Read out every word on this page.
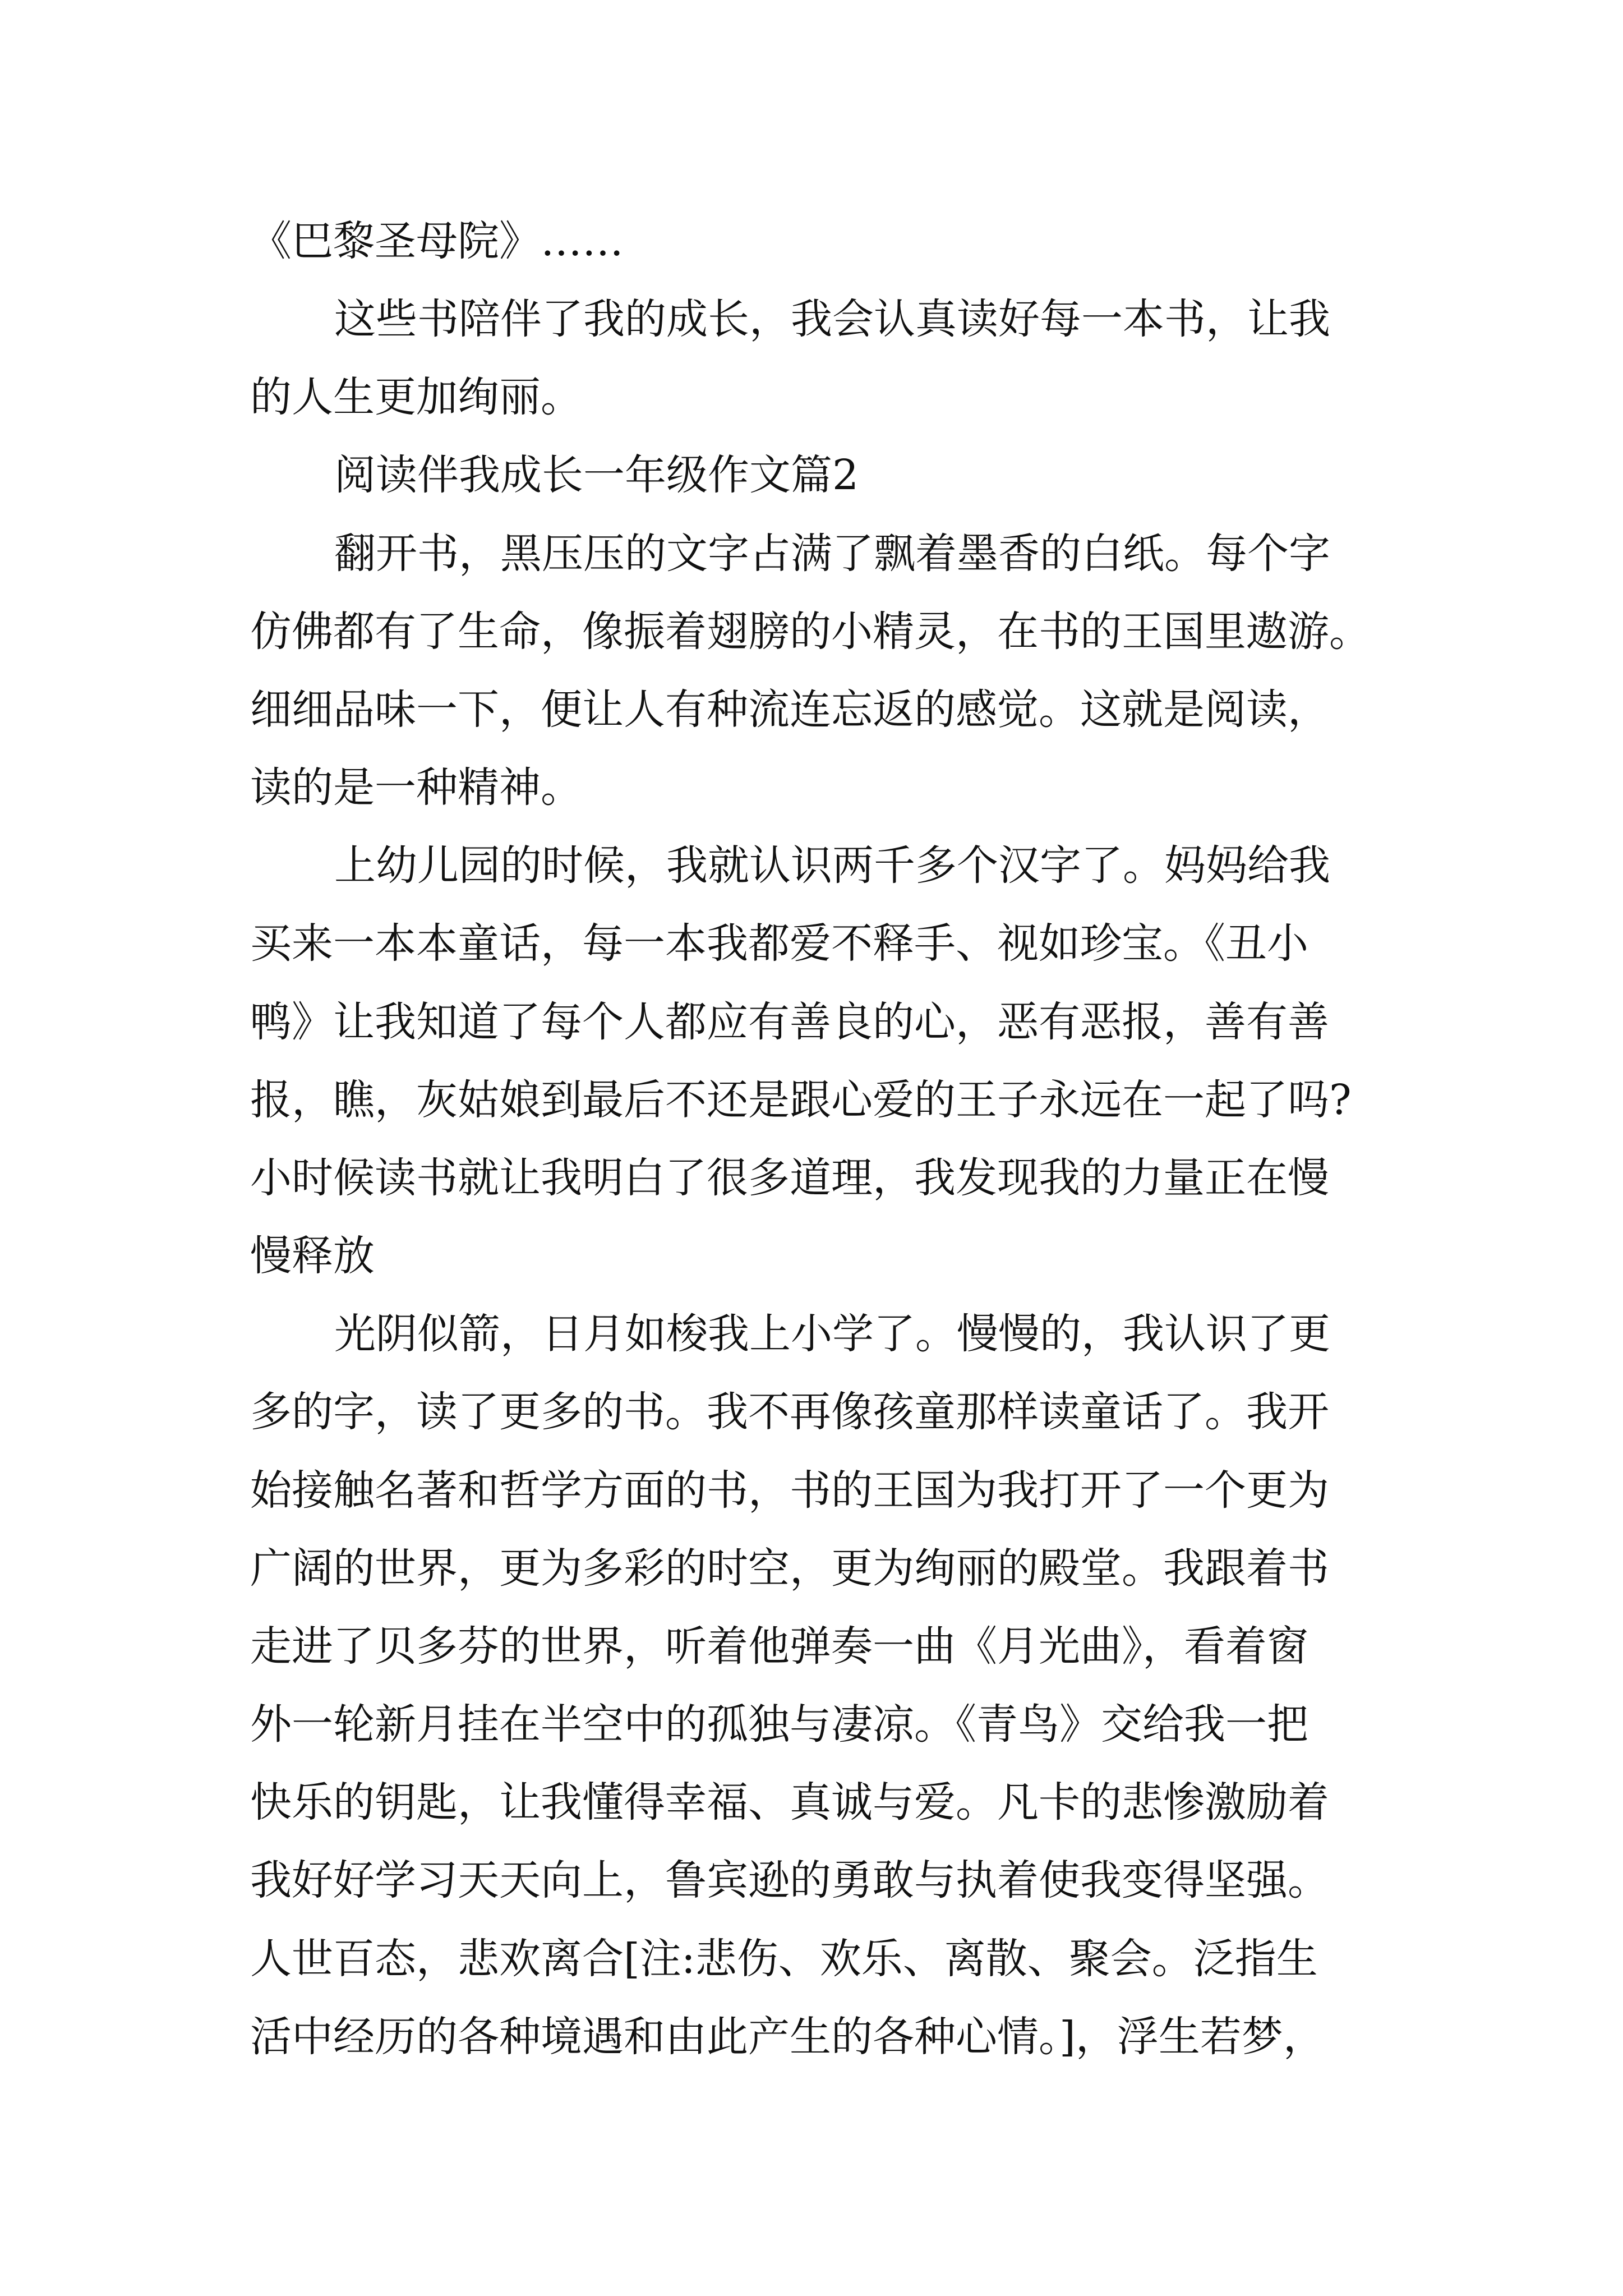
《巴黎圣母院》……

这些书陪伴了我的成长，我会认真读好每一本书，让我

的人生更加绚丽。

阅读伴我成长一年级作文篇2

翻开书，黑压压的文字占满了飘着墨香的白纸。每个字

仿佛都有了生命，像振着翅膀的小精灵，在书的王国里遨游。

细细品味一下，便让人有种流连忘返的感觉。这就是阅读，

读的是一种精神。

上幼儿园的时候，我就认识两千多个汉字了。妈妈给我

买来一本本童话，每一本我都爱不释手、视如珍宝。《丑小

鸭》让我知道了每个人都应有善良的心，恶有恶报，善有善

报，瞧，灰姑娘到最后不还是跟心爱的王子永远在一起了吗?

小时候读书就让我明白了很多道理，我发现我的力量正在慢

慢释放

光阴似箭，日月如梭我上小学了。慢慢的，我认识了更

多的字，读了更多的书。我不再像孩童那样读童话了。我开

始接触名著和哲学方面的书，书的王国为我打开了一个更为

广阔的世界，更为多彩的时空，更为绚丽的殿堂。我跟着书

走进了贝多芬的世界，听着他弹奏一曲《月光曲》，看着窗

外一轮新月挂在半空中的孤独与凄凉。《青鸟》交给我一把

快乐的钥匙，让我懂得幸福、真诚与爱。凡卡的悲惨激励着

我好好学习天天向上，鲁宾逊的勇敢与执着使我变得坚强。

人世百态，悲欢离合[注:悲伤、欢乐、离散、聚会。泛指生

活中经历的各种境遇和由此产生的各种心情。]，浮生若梦，
